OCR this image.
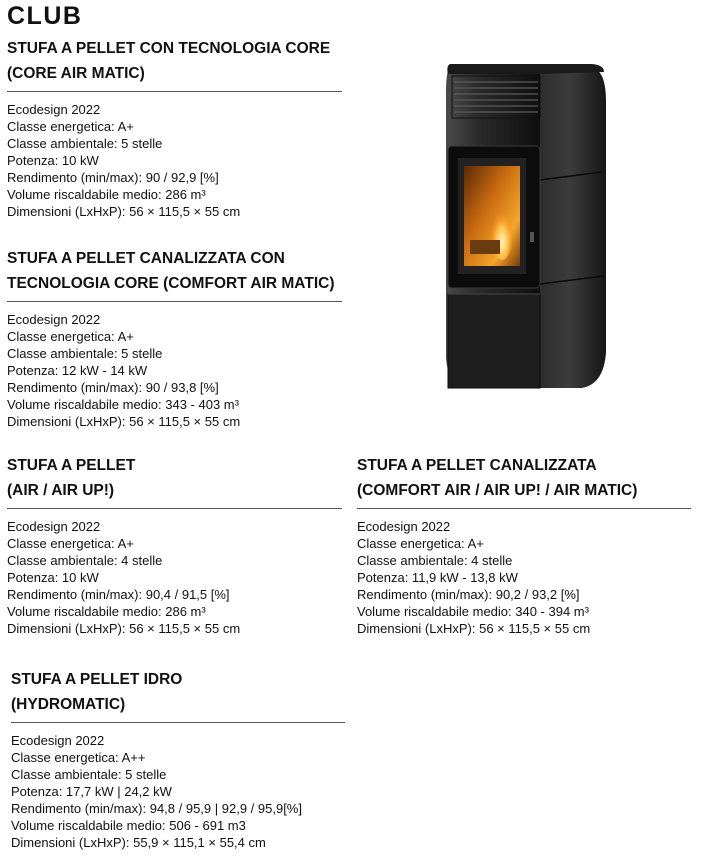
CLUB
STUFA A PELLET CON TECNOLOGIA CORE
(CORE AIR MATIC)
Ecodesign 2022
Classe energetica: A+
Classe ambientale: 5 stelle
Potenza: 10 kW
Rendimento (min/max): 90 / 92,9 [%]
Volume riscaldabile medio: 286 m³
Dimensioni (LxHxP): 56 × 115,5 × 55 cm
STUFA A PELLET CANALIZZATA CON
TECNOLOGIA CORE (COMFORT AIR MATIC)
Ecodesign 2022
Classe energetica: A+
Classe ambientale: 5 stelle
Potenza: 12 kW - 14 kW
Rendimento (min/max): 90 / 93,8 [%]
Volume riscaldabile medio: 343 - 403 m³
Dimensioni (LxHxP): 56 × 115,5 × 55 cm
STUFA A PELLET
(AIR / AIR UP!)
Ecodesign 2022
Classe energetica: A+
Classe ambientale: 4 stelle
Potenza: 10 kW
Rendimento (min/max): 90,4 / 91,5 [%]
Volume riscaldabile medio: 286 m³
Dimensioni (LxHxP): 56 × 115,5 × 55 cm
STUFA A PELLET CANALIZZATA
(COMFORT AIR / AIR UP! / AIR MATIC)
Ecodesign 2022
Classe energetica: A+
Classe ambientale: 4 stelle
Potenza: 11,9 kW - 13,8 kW
Rendimento (min/max): 90,2 / 93,2 [%]
Volume riscaldabile medio: 340 - 394 m³
Dimensioni (LxHxP): 56 × 115,5 × 55 cm
STUFA A PELLET IDRO
(HYDROMATIC)
Ecodesign 2022
Classe energetica: A++
Classe ambientale: 5 stelle
Potenza: 17,7 kW | 24,2 kW
Rendimento (min/max): 94,8 / 95,9 | 92,9 / 95,9[%]
Volume riscaldabile medio: 506 - 691 m3
Dimensioni (LxHxP): 55,9 × 115,1 × 55,4 cm
